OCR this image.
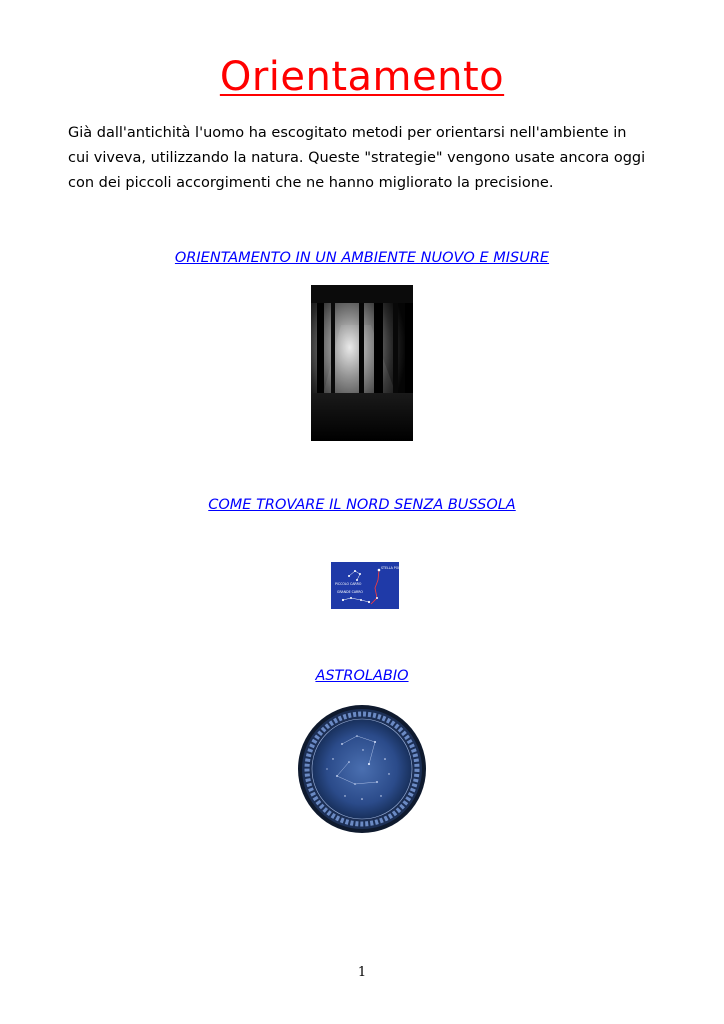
Orientamento

Già dall'antichità l'uomo ha escogitato metodi per orientarsi nell'ambiente in
cui viveva, utilizzando la natura. Queste "strategie" vengono usate ancora oggi
con dei piccoli accorgimenti che ne hanno migliorato la precisione.

ORIENTAMENTO IN UN AMBIENTE NUOVO E MISURE
COME TROVARE IL NORD SENZA BUSSOLA
STELLA POLARE
PICCOLO CARRO
GRANDE CARRO
ASTROLABIO
1
